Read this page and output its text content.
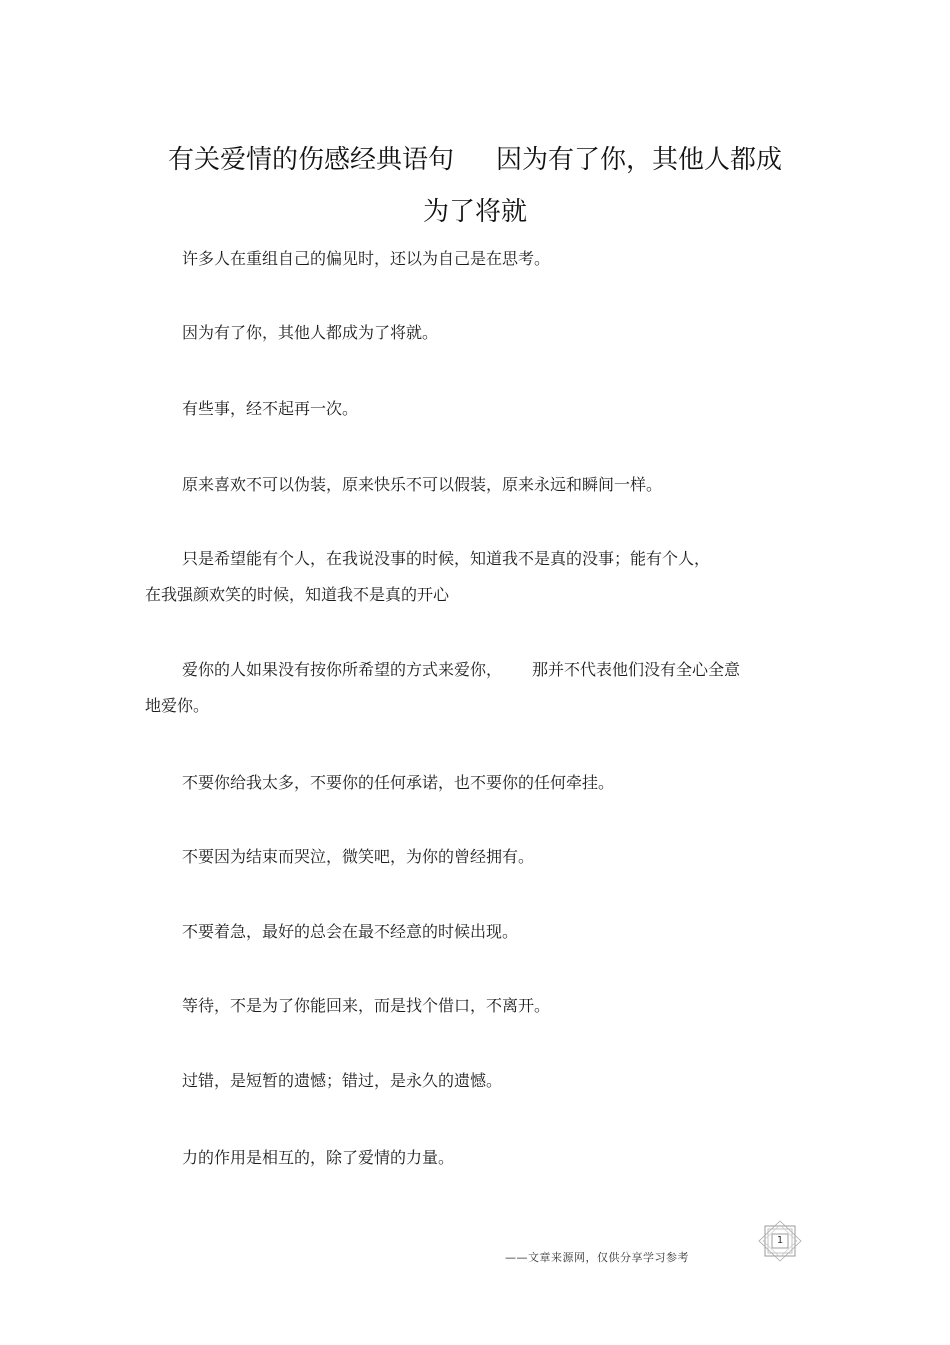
有关爱情的伤感经典语句 因为有了你，其他人都成
为了将就

许多人在重组自己的偏见时，还以为自己是在思考。

因为有了你，其他人都成为了将就。

有些事，经不起再一次。

原来喜欢不可以伪装，原来快乐不可以假装，原来永远和瞬间一样。

只是希望能有个人，在我说没事的时候，知道我不是真的没事；能有个人，

在我强颜欢笑的时候，知道我不是真的开心

爱你的人如果没有按你所希望的方式来爱你， 那并不代表他们没有全心全意

地爱你。

不要你给我太多，不要你的任何承诺，也不要你的任何牵挂。

不要因为结束而哭泣，微笑吧，为你的曾经拥有。

不要着急，最好的总会在最不经意的时候出现。

等待，不是为了你能回来，而是找个借口，不离开。

过错，是短暂的遗憾；错过，是永久的遗憾。

力的作用是相互的，除了爱情的力量。

——文章来源网，仅供分享学习参考
1
